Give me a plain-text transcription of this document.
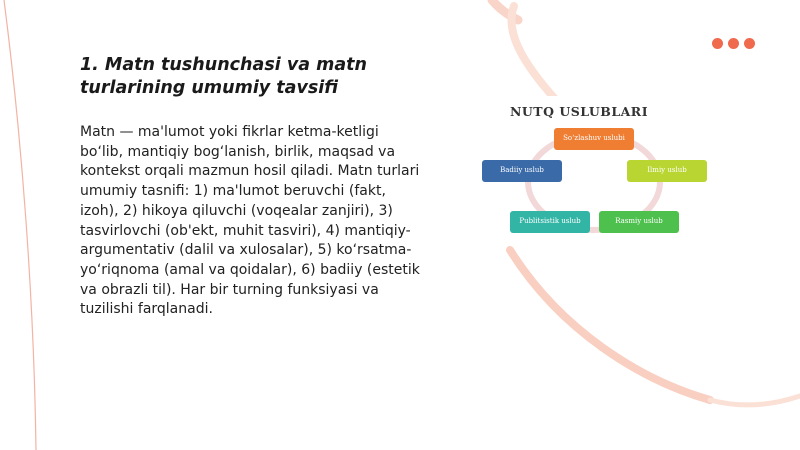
1. Matn tushunchasi va matn turlarining umumiy tavsifi

Matn — ma'lumot yoki fikrlar ketma-ketligi bo‘lib, mantiqiy bog‘lanish, birlik, maqsad va kontekst orqali mazmun hosil qiladi. Matn turlari umumiy tasnifi: 1) ma'lumot beruvchi (fakt, izoh), 2) hikoya qiluvchi (voqealar zanjiri), 3) tasvirlovchi (ob'ekt, muhit tasviri), 4) mantiqiy-argumentativ (dalil va xulosalar), 5) ko‘rsatma-yo‘riqnoma (amal va qoidalar), 6) badiiy (estetik va obrazli til). Har bir turning funksiyasi va tuzilishi farqlanadi.

NUTQ USLUBLARI
So‘zlashuv uslubi
Ilmiy uslub
Rasmiy uslub
Publitsistik uslub
Badiiy uslub
